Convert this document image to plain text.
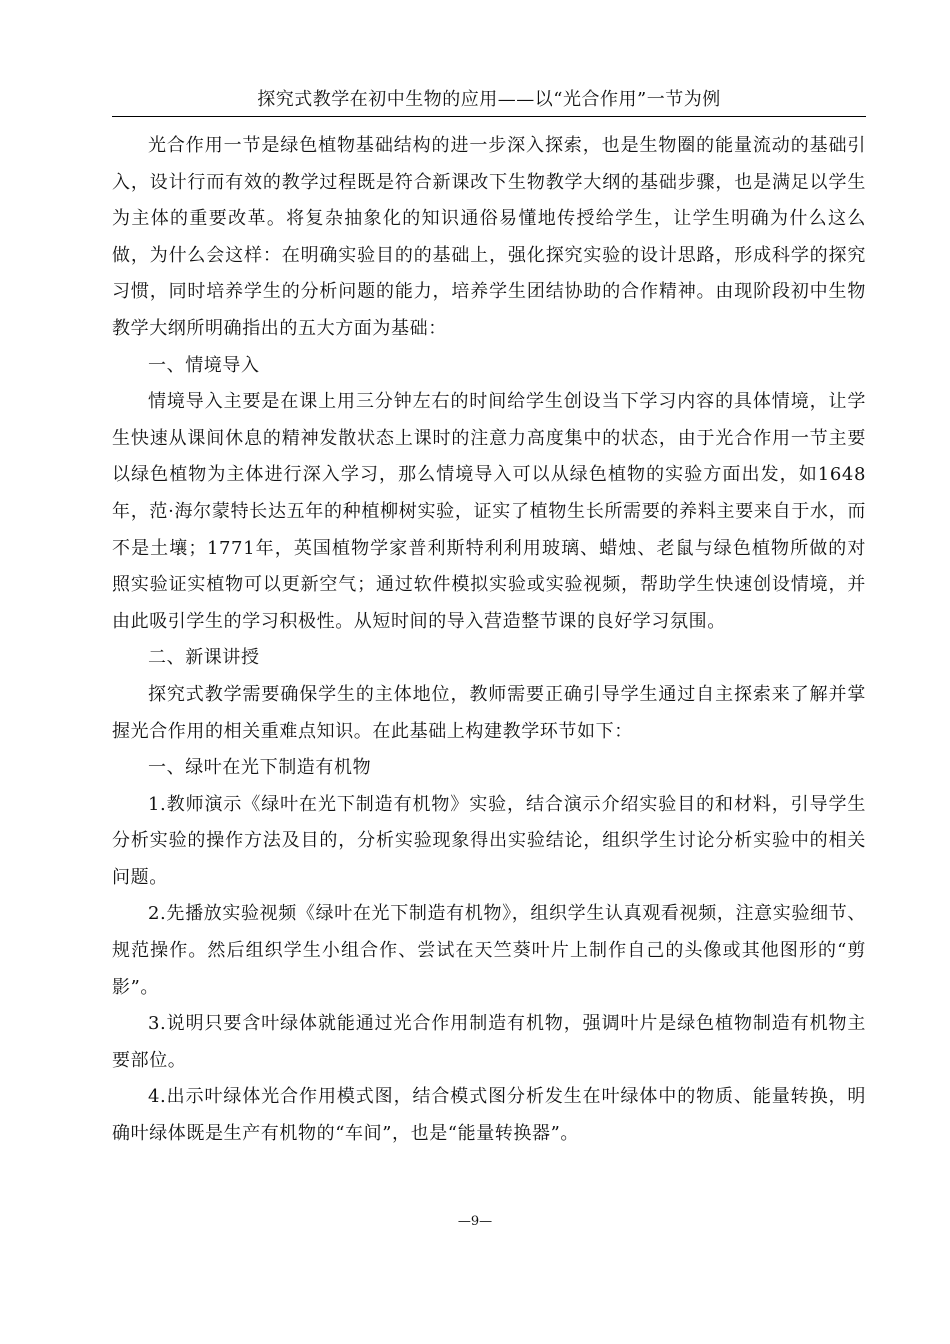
探究式教学在初中生物的应用——以“光合作用”一节为例

光合作用一节是绿色植物基础结构的进一步深入探索，也是生物圈的能量流动的基础引入，设计行而有效的教学过程既是符合新课改下生物教学大纲的基础步骤，也是满足以学生为主体的重要改革。将复杂抽象化的知识通俗易懂地传授给学生，让学生明确为什么这么做，为什么会这样：在明确实验目的的基础上，强化探究实验的设计思路，形成科学的探究习惯，同时培养学生的分析问题的能力，培养学生团结协助的合作精神。由现阶段初中生物教学大纲所明确指出的五大方面为基础：

一、情境导入

情境导入主要是在课上用三分钟左右的时间给学生创设当下学习内容的具体情境，让学生快速从课间休息的精神发散状态上课时的注意力高度集中的状态，由于光合作用一节主要以绿色植物为主体进行深入学习，那么情境导入可以从绿色植物的实验方面出发，如1648年，范·海尔蒙特长达五年的种植柳树实验，证实了植物生长所需要的养料主要来自于水，而不是土壤；1771年，英国植物学家普利斯特利利用玻璃、蜡烛、老鼠与绿色植物所做的对照实验证实植物可以更新空气；通过软件模拟实验或实验视频，帮助学生快速创设情境，并由此吸引学生的学习积极性。从短时间的导入营造整节课的良好学习氛围。

二、新课讲授

探究式教学需要确保学生的主体地位，教师需要正确引导学生通过自主探索来了解并掌握光合作用的相关重难点知识。在此基础上构建教学环节如下：

一、绿叶在光下制造有机物

1.教师演示《绿叶在光下制造有机物》实验，结合演示介绍实验目的和材料，引导学生分析实验的操作方法及目的，分析实验现象得出实验结论，组织学生讨论分析实验中的相关问题。

2.先播放实验视频《绿叶在光下制造有机物》，组织学生认真观看视频，注意实验细节、规范操作。然后组织学生小组合作、尝试在天竺葵叶片上制作自己的头像或其他图形的“剪影”。

3.说明只要含叶绿体就能通过光合作用制造有机物，强调叶片是绿色植物制造有机物主要部位。

4.出示叶绿体光合作用模式图，结合模式图分析发生在叶绿体中的物质、能量转换，明确叶绿体既是生产有机物的“车间”，也是“能量转换器”。

—9—
